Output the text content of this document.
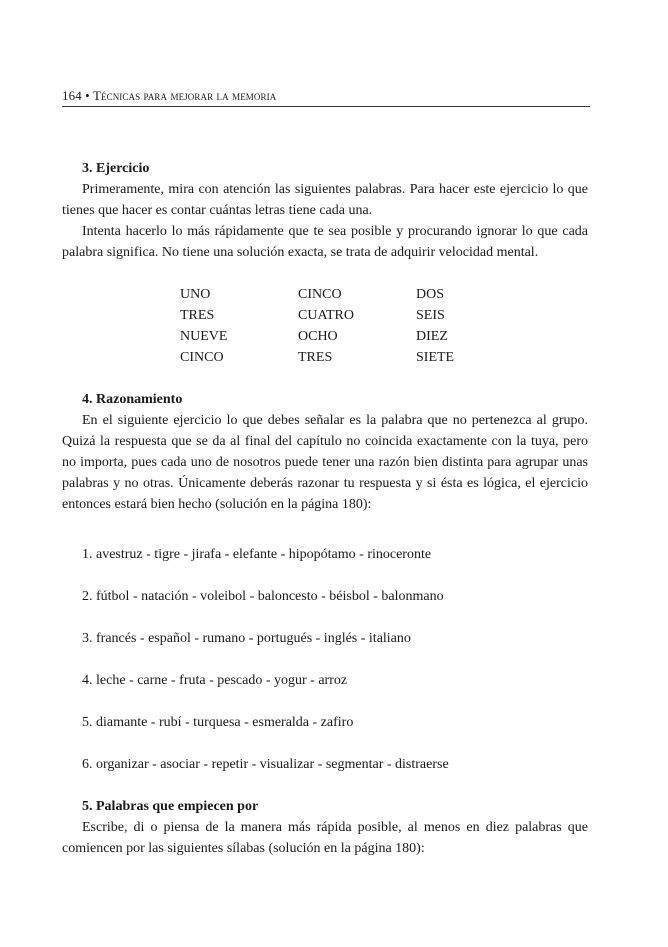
164 • Técnicas para mejorar la memoria

3. Ejercicio

Primeramente, mira con atención las siguientes palabras. Para hacer este ejercicio lo que tienes que hacer es contar cuántas letras tiene cada una.

Intenta hacerlo lo más rápidamente que te sea posible y procurando ignorar lo que cada palabra significa. No tiene una solución exacta, se trata de adquirir velocidad mental.

UNO	CINCO	DOS
TRES	CUATRO	SEIS
NUEVE	OCHO	DIEZ
CINCO	TRES	SIETE

4. Razonamiento

En el siguiente ejercicio lo que debes señalar es la palabra que no pertenezca al grupo. Quizá la respuesta que se da al final del capítulo no coincida exactamente con la tuya, pero no importa, pues cada uno de nosotros puede tener una razón bien distinta para agrupar unas palabras y no otras. Únicamente deberás razonar tu respuesta y si ésta es lógica, el ejercicio entonces estará bien hecho (solución en la página 180):

1. avestruz - tigre - jirafa - elefante - hipopótamo - rinoceronte
2. fútbol - natación - voleibol - baloncesto - béisbol - balonmano
3. francés - español - rumano - portugués - inglés - italiano
4. leche - carne - fruta - pescado - yogur - arroz
5. diamante - rubí - turquesa - esmeralda - zafiro
6. organizar - asociar - repetir - visualizar - segmentar - distraerse

5. Palabras que empiecen por

Escribe, di o piensa de la manera más rápida posible, al menos en diez palabras que comiencen por las siguientes sílabas (solución en la página 180):
